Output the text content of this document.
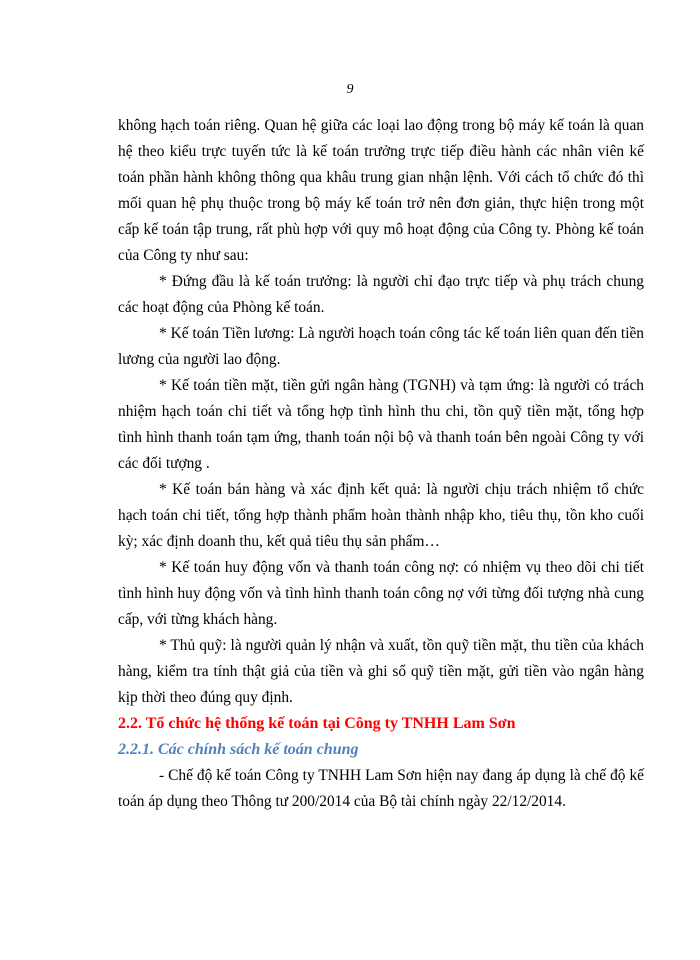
9

không hạch toán riêng. Quan hệ giữa các loại lao động trong bộ máy kế toán là quan hệ theo kiểu trực tuyến tức là kế toán trưởng trực tiếp điều hành các nhân viên kế toán phần hành không thông qua khâu trung gian nhận lệnh. Với cách tổ chức đó thì mối quan hệ phụ thuộc trong bộ máy kế toán trở nên đơn giản, thực hiện trong một cấp kế toán tập trung, rất phù hợp với quy mô hoạt động của Công ty. Phòng kế toán của Công ty như sau:

* Đứng đầu là kế toán trưởng: là người chỉ đạo trực tiếp và phụ trách chung các hoạt động của Phòng kế toán.

* Kế toán Tiền lương: Là người hoạch toán công tác kế toán liên quan đến tiền lương của người lao động.

* Kế toán tiền mặt, tiền gửi ngân hàng (TGNH) và tạm ứng: là người có trách nhiệm hạch toán chi tiết và tổng hợp tình hình thu chi, tồn quỹ tiền mặt, tổng hợp tình hình thanh toán tạm ứng, thanh toán nội bộ và thanh toán bên ngoài Công ty với các đối tượng .

* Kế toán bán hàng và xác định kết quả: là người chịu trách nhiệm tổ chức hạch toán chi tiết, tổng hợp thành phẩm hoàn thành nhập kho, tiêu thụ, tồn kho cuối kỳ; xác định doanh thu, kết quả tiêu thụ sản phẩm…

* Kế toán huy động vốn và thanh toán công nợ: có nhiệm vụ theo dõi chi tiết tình hình huy động vốn và tình hình thanh toán công nợ với từng đối tượng nhà cung cấp, với từng khách hàng.

* Thủ quỹ: là người quản lý nhận và xuất, tồn quỹ tiền mặt, thu tiền của khách hàng, kiểm tra tính thật giả của tiền và ghi sổ quỹ tiền mặt, gửi tiền vào ngân hàng kịp thời theo đúng quy định.

2.2. Tổ chức hệ thống kế toán tại Công ty TNHH Lam Sơn
2.2.1. Các chính sách kế toán chung

- Chế độ kế toán Công ty TNHH Lam Sơn hiện nay đang áp dụng là chế độ kế toán áp dụng theo Thông tư 200/2014 của Bộ tài chính ngày 22/12/2014.
